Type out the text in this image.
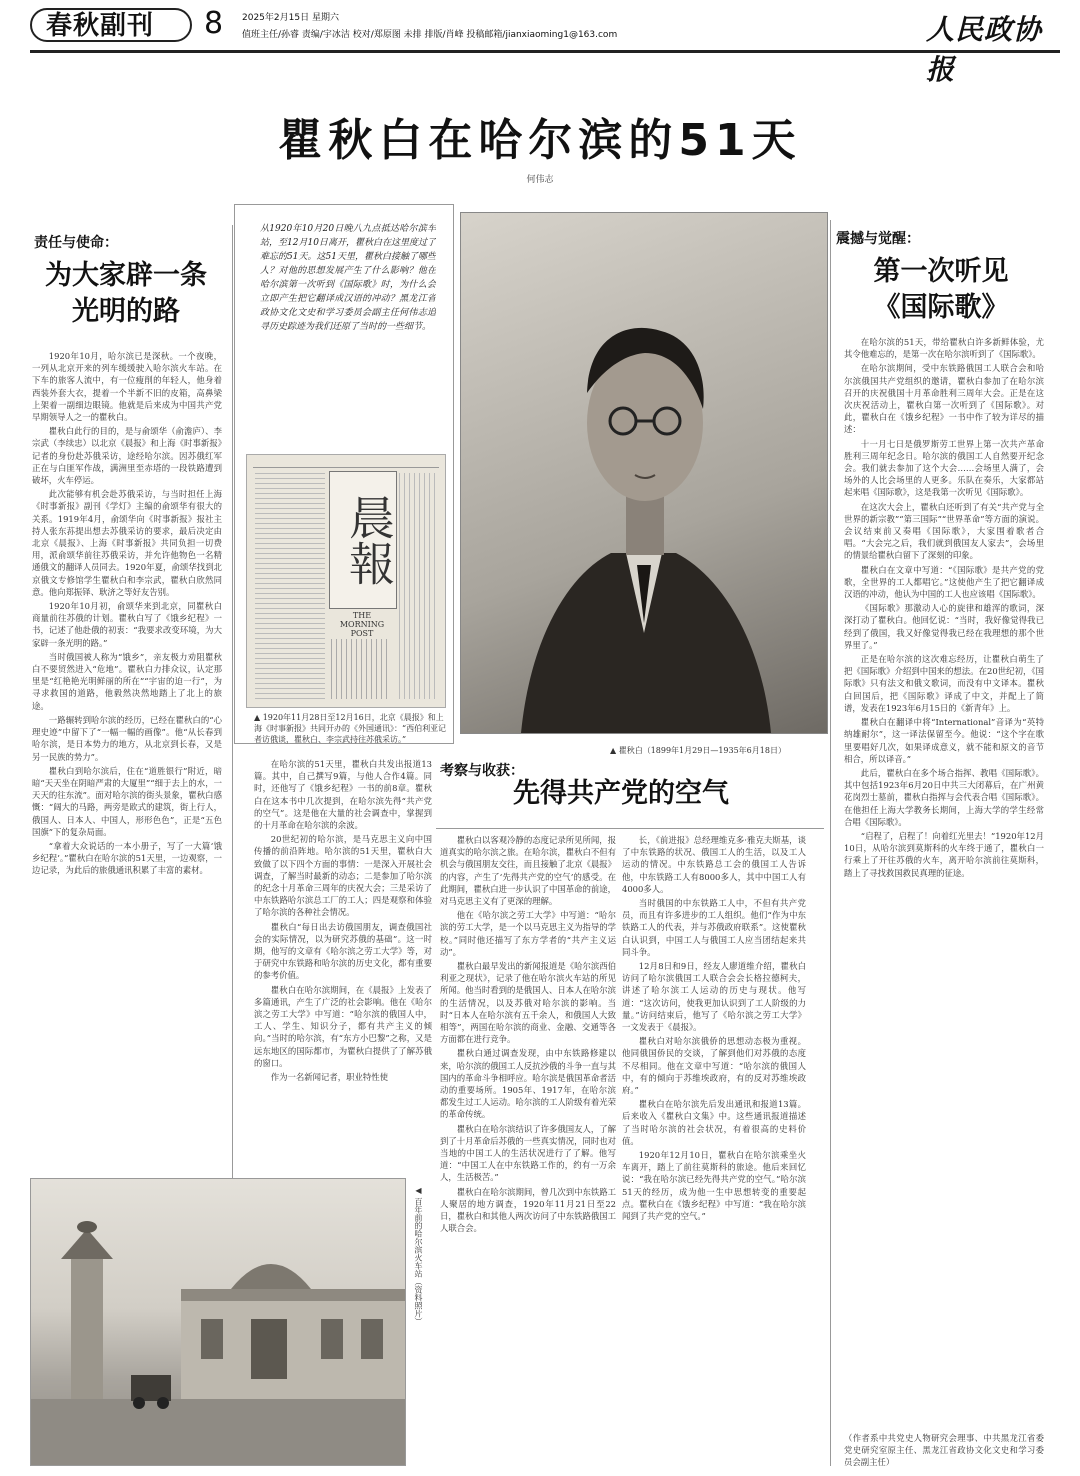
春秋副刊 8 2025年2月15日 星期六
值班主任/孙睿 责编/宇冰洁 校对/郑原图 未排 排版/肖峰 投稿邮箱/jianxiaoming1@163.com	人民政协报
瞿秋白在哈尔滨的51天
何伟志
责任与使命：
为大家辟一条
光明的路

1920年10月，哈尔滨已是深秋。一个夜晚，一列从北京开来的列车缓缓驶入哈尔滨火车站。在下车的旅客人流中，有一位瘦削的年轻人，他身着西装外套大衣，提着一个半新不旧的皮箱，高鼻梁上架着一副细边眼镜。他就是后来成为中国共产党早期领导人之一的瞿秋白。

瞿秋白此行的目的，是与俞颂华（俞澹庐）、李宗武（李续忠）以北京《晨报》和上海《时事新报》记者的身份赴苏俄采访，途经哈尔滨。因苏俄红军正在与白匪军作战，满洲里至赤塔的一段铁路遭到破坏，火车停运。

此次能够有机会赴苏俄采访，与当时担任上海《时事新报》副刊《学灯》主编的俞颂华有很大的关系。1919年4月，俞颂华向《时事新报》报社主持人张东荪提出想去苏俄采访的要求，最后决定由北京《晨报》、上海《时事新报》共同负担一切费用，派俞颂华前往苏俄采访，并允许他物色一名精通俄文的翻译人员同去。1920年夏，俞颂华找到北京俄文专修馆学生瞿秋白和李宗武，瞿秋白欣然同意。他向郑振铎、耿济之等好友告别。

1920年10月初，俞颂华来到北京，同瞿秋白商量前往苏俄的计划。瞿秋白写了《饿乡纪程》一书，记述了他赴俄的初衷：“我要求改变环境，为大家辟一条光明的路。”

当时俄国被人称为“饿乡”，亲友极力劝阻瞿秋白不要贸然进入“危地”。瞿秋白力排众议，认定那里是“红艳艳光明鲜丽的所在”“宇宙的迫一行”，为寻求救国的道路，他毅然决然地踏上了北上的旅途。

一路辗转到哈尔滨的经历，已经在瞿秋白的“心理史迹”中留下了“一幅一幅的画像”。他“从长春到哈尔滨，是日本势力的地方，从北京到长春，又是另一民族的势力”。

瞿秋白到哈尔滨后，住在“道胜银行”附近，暗暗“天天坐在阴暗严肃的大厦里”“细于去上的水，一天天的往东流”。面对哈尔滨的街头景象，瞿秋白感慨：“阔大的马路，两旁是欧式的建筑，街上行人，俄国人、日本人、中国人，形形色色”，正是“五色国旗”下的复杂局面。

“拿着大众说话的一本小册子，写了一大篇‘饿乡纪程’。”瞿秋白在哈尔滨的51天里，一边观察，一边记录，为此后的旅俄通讯积累了丰富的素材。

从1920年10月20日晚八九点抵达哈尔滨车站，至12月10日离开，瞿秋白在这里度过了难忘的51天。这51天里，瞿秋白接触了哪些人？对他的思想发展产生了什么影响？他在哈尔滨第一次听到《国际歌》时，为什么会立即产生把它翻译成汉语的冲动？黑龙江省政协文化文史和学习委员会副主任何伟志追寻历史踪迹为我们还原了当时的一些细节。
晨報
THE MORNING POST
▲ 1920年11月28日至12月16日，北京《晨报》和上海《时事新报》共同开办的《外国通讯》：“西伯利亚记者访俄谈，瞿秋白、李宗武持往苏俄采访。”
▲ 瞿秋白（1899年1月29日—1935年6月18日）

在哈尔滨的51天里，瞿秋白共发出报道13篇。其中，自己撰写9篇，与他人合作4篇。同时，还他写了《饿乡纪程》一书的前8章。瞿秋白在这本书中几次提到，在哈尔滨先得“共产党的空气”。这是他在大量的社会调查中，掌握到的十月革命在哈尔滨的余波。

20世纪初的哈尔滨，是马克思主义向中国传播的前沿阵地。哈尔滨的51天里，瞿秋白大致做了以下四个方面的事情：一是深入开展社会调查，了解当时最新的动态；二是参加了哈尔滨的纪念十月革命三周年的庆祝大会；三是采访了中东铁路哈尔滨总工厂的工人；四是观察和体验了哈尔滨的各种社会情况。

瞿秋白“每日出去访俄国朋友，调查俄国社会的实际情况，以为研究苏俄的基础”。这一时期，他写的文章有《哈尔滨之劳工大学》等，对于研究中东铁路和哈尔滨的历史文化，都有重要的参考价值。

瞿秋白在哈尔滨期间，在《晨报》上发表了多篇通讯，产生了广泛的社会影响。他在《哈尔滨之劳工大学》中写道：“哈尔滨的俄国人中，工人、学生、知识分子，都有共产主义的倾向。”当时的哈尔滨，有“东方小巴黎”之称，又是远东地区的国际都市，为瞿秋白提供了了解苏俄的窗口。

作为一名新闻记者，职业特性使

考察与收获：
先得共产党的空气

瞿秋白以客观冷静的态度记录所见所闻，报道真实的哈尔滨之旅。在哈尔滨，瞿秋白不但有机会与俄国朋友交往，而且接触了北京《晨报》的内容，产生了‘先得共产党的空气’的感受。在此期间，瞿秋白进一步认识了中国革命的前途，对马克思主义有了更深的理解。

他在《哈尔滨之劳工大学》中写道：“哈尔滨的劳工大学，是一个以马克思主义为指导的学校。”同时他还描写了东方学者的“共产主义运动”。

瞿秋白最早发出的新闻报道是《哈尔滨西伯利亚之现状》，记录了他在哈尔滨火车站的所见所闻。他当时看到的是俄国人、日本人在哈尔滨的生活情况，以及苏俄对哈尔滨的影响。当时“日本人在哈尔滨有五千余人，和俄国人大致相等”，两国在哈尔滨的商业、金融、交通等各方面都在进行竞争。

瞿秋白通过调查发现，由中东铁路修建以来，哈尔滨的俄国工人反抗沙俄的斗争一直与其国内的革命斗争相呼应。哈尔滨是俄国革命者活动的重要场所。1905年、1917年，在哈尔滨都发生过工人运动。哈尔滨的工人阶级有着光荣的革命传统。

瞿秋白在哈尔滨结识了许多俄国友人，了解到了十月革命后苏俄的一些真实情况，同时也对当地的中国工人的生活状况进行了了解。他写道：“中国工人在中东铁路工作的，约有一万余人，生活极苦。”

瞿秋白在哈尔滨期间，曾几次到中东铁路工人聚居的地方调查，1920年11月21日至22日，瞿秋白和其他人两次访问了中东铁路俄国工人联合会。

长，《前进报》总经理维克多·雅克夫斯基，谈了中东铁路的状况、俄国工人的生活，以及工人运动的情况。中东铁路总工会的俄国工人告诉他，中东铁路工人有8000多人，其中中国工人有4000多人。

当时俄国的中东铁路工人中，不但有共产党员，而且有许多进步的工人组织。他们“作为中东铁路工人的代表，并与苏俄政府联系”。这使瞿秋白认识到，中国工人与俄国工人应当团结起来共同斗争。

12月8日和9日，经友人廖道维介绍，瞿秋白访问了哈尔滨俄国工人联合会会长格拉德柯夫，讲述了哈尔滨工人运动的历史与现状。他写道：“这次访问，使我更加认识到了工人阶级的力量。”访问结束后，他写了《哈尔滨之劳工大学》一文发表于《晨报》。

瞿秋白对哈尔滨俄侨的思想动态极为重视。他同俄国侨民的交谈，了解到他们对苏俄的态度不尽相同。他在文章中写道：“哈尔滨的俄国人中，有的倾向于苏维埃政府，有的反对苏维埃政府。”

瞿秋白在哈尔滨先后发出通讯和报道13篇。后来收入《瞿秋白文集》中。这些通讯报道描述了当时哈尔滨的社会状况，有着很高的史料价值。

1920年12月10日，瞿秋白在哈尔滨乘坐火车离开，踏上了前往莫斯科的旅途。他后来回忆说：“我在哈尔滨已经先得共产党的空气。”哈尔滨51天的经历，成为他一生中思想转变的重要起点。瞿秋白在《饿乡纪程》中写道：“我在哈尔滨闻到了共产党的空气。”

震撼与觉醒：
第一次听见
《国际歌》

在哈尔滨的51天，带给瞿秋白许多新鲜体验，尤其令他难忘的，是第一次在哈尔滨听到了《国际歌》。

在哈尔滨期间，受中东铁路俄国工人联合会和哈尔滨俄国共产党组织的邀请，瞿秋白参加了在哈尔滨召开的庆祝俄国十月革命胜利三周年大会。正是在这次庆祝活动上，瞿秋白第一次听到了《国际歌》。对此，瞿秋白在《饿乡纪程》一书中作了较为详尽的描述：

十一月七日是俄罗斯劳工世界上第一次共产革命胜利三周年纪念日。哈尔滨的俄国工人自然要开纪念会。我们就去参加了这个大会……会场里人满了，会场外的人比会场里的人更多。乐队在奏乐，大家都站起来唱《国际歌》，这是我第一次听见《国际歌》。

在这次大会上，瞿秋白还听到了有关“共产党与全世界的新宗教”“第三国际”“世界革命”等方面的演说。会议结束前又奏唱《国际歌》，大家围着歌者合唱。“大会完之后，我们就到俄国友人家去”，会场里的情景给瞿秋白留下了深刻的印象。

瞿秋白在文章中写道：“《国际歌》是共产党的党歌，全世界的工人都唱它。”这使他产生了把它翻译成汉语的冲动，他认为中国的工人也应该唱《国际歌》。

《国际歌》那激动人心的旋律和雄浑的歌词，深深打动了瞿秋白。他回忆说：“当时，我好像觉得我已经到了俄国，我又好像觉得我已经在我理想的那个世界里了。”

正是在哈尔滨的这次难忘经历，让瞿秋白萌生了把《国际歌》介绍到中国来的想法。在20世纪初，《国际歌》只有法文和俄文歌词，而没有中文译本。瞿秋白回国后，把《国际歌》译成了中文，并配上了简谱，发表在1923年6月15日的《新青年》上。

瞿秋白在翻译中将“International”音译为“英特纳雄耐尔”，这一译法保留至今。他说：“这个字在歌里要唱好几次，如果译成意义，就不能和原文的音节相合，所以译音。”

此后，瞿秋白在多个场合指挥、教唱《国际歌》。其中包括1923年6月20日中共三大闭幕后，在广州黄花岗烈士墓前，瞿秋白指挥与会代表合唱《国际歌》。在他担任上海大学教务长期间，上海大学的学生经常合唱《国际歌》。

“启程了，启程了！向着红光里去！”1920年12月10日，从哈尔滨到莫斯科的火车终于通了，瞿秋白一行乘上了开往苏俄的火车，离开哈尔滨前往莫斯科，踏上了寻找救国救民真理的征途。

（作者系中共党史人物研究会理事、中共黑龙江省委党史研究室原主任、黑龙江省政协文化文史和学习委员会副主任）
◀ 百年前的哈尔滨火车站（资料照片）
